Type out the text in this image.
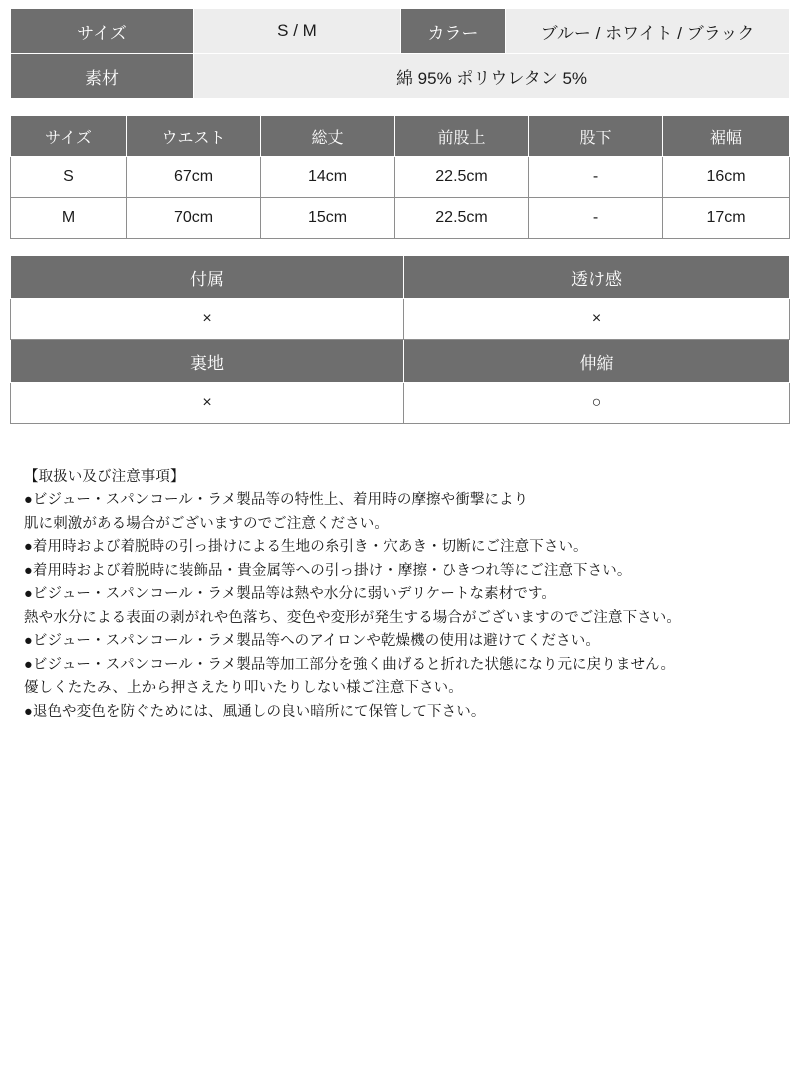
サイズ	S / M	カラー	ブルー / ホワイト / ブラック
素材	綿 95% ポリウレタン 5%		
サイズ	ウエスト	総丈	前股上	股下	裾幅
S	67cm	14cm	22.5cm	-	16cm
M	70cm	15cm	22.5cm	-	17cm
付属	透け感
×	×
裏地	伸縮
×	○
【取扱い及び注意事項】
●ビジュー・スパンコール・ラメ製品等の特性上、着用時の摩擦や衝撃により
肌に刺激がある場合がございますのでご注意ください。
●着用時および着脱時の引っ掛けによる生地の糸引き・穴あき・切断にご注意下さい。
●着用時および着脱時に装飾品・貴金属等への引っ掛け・摩擦・ひきつれ等にご注意下さい。
●ビジュー・スパンコール・ラメ製品等は熱や水分に弱いデリケートな素材です。
熱や水分による表面の剥がれや色落ち、変色や変形が発生する場合がございますのでご注意下さい。
●ビジュー・スパンコール・ラメ製品等へのアイロンや乾燥機の使用は避けてください。
●ビジュー・スパンコール・ラメ製品等加工部分を強く曲げると折れた状態になり元に戻りません。
優しくたたみ、上から押さえたり叩いたりしない様ご注意下さい。
●退色や変色を防ぐためには、風通しの良い暗所にて保管して下さい。
